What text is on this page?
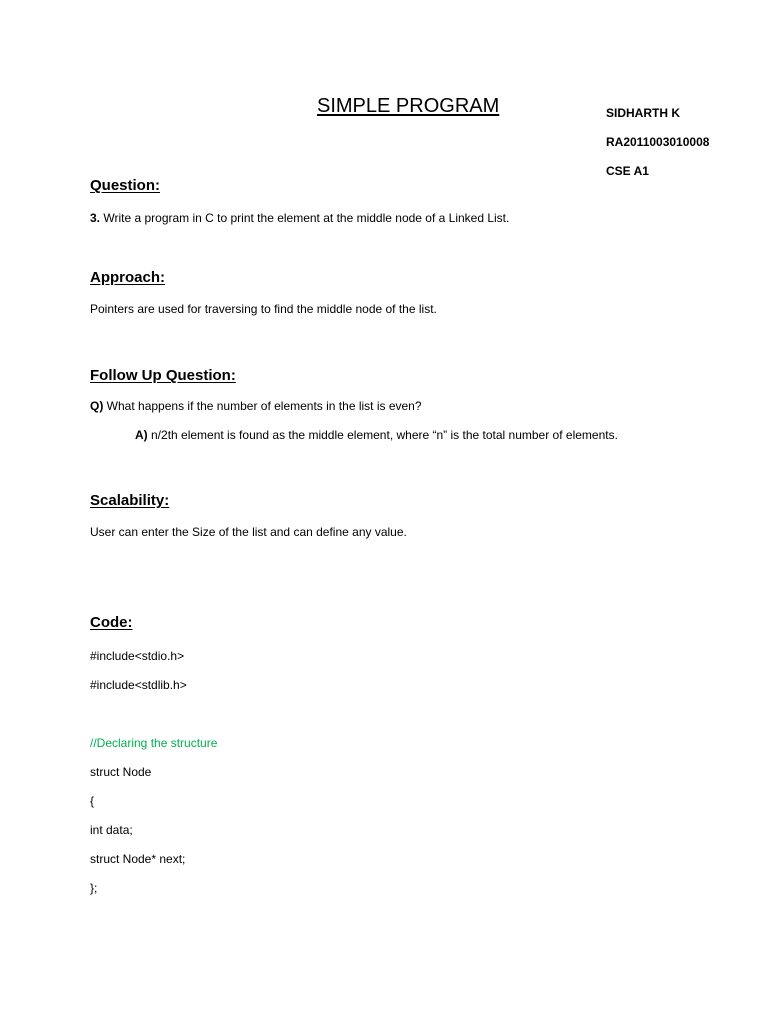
SIMPLE PROGRAM	SIDHARTH K
RA2011003010008
CSE A1
Question:
3. Write a program in C to print the element at the middle node of a Linked List.
Approach:
Pointers are used for traversing to find the middle node of the list.
Follow Up Question:
Q) What happens if the number of elements in the list is even?
A) n/2th element is found as the middle element, where “n” is the total number of elements.
Scalability:
User can enter the Size of the list and can define any value.
Code:
#include<stdio.h>
#include<stdlib.h>
//Declaring the structure
struct Node
{
int data;
struct Node* next;
};
